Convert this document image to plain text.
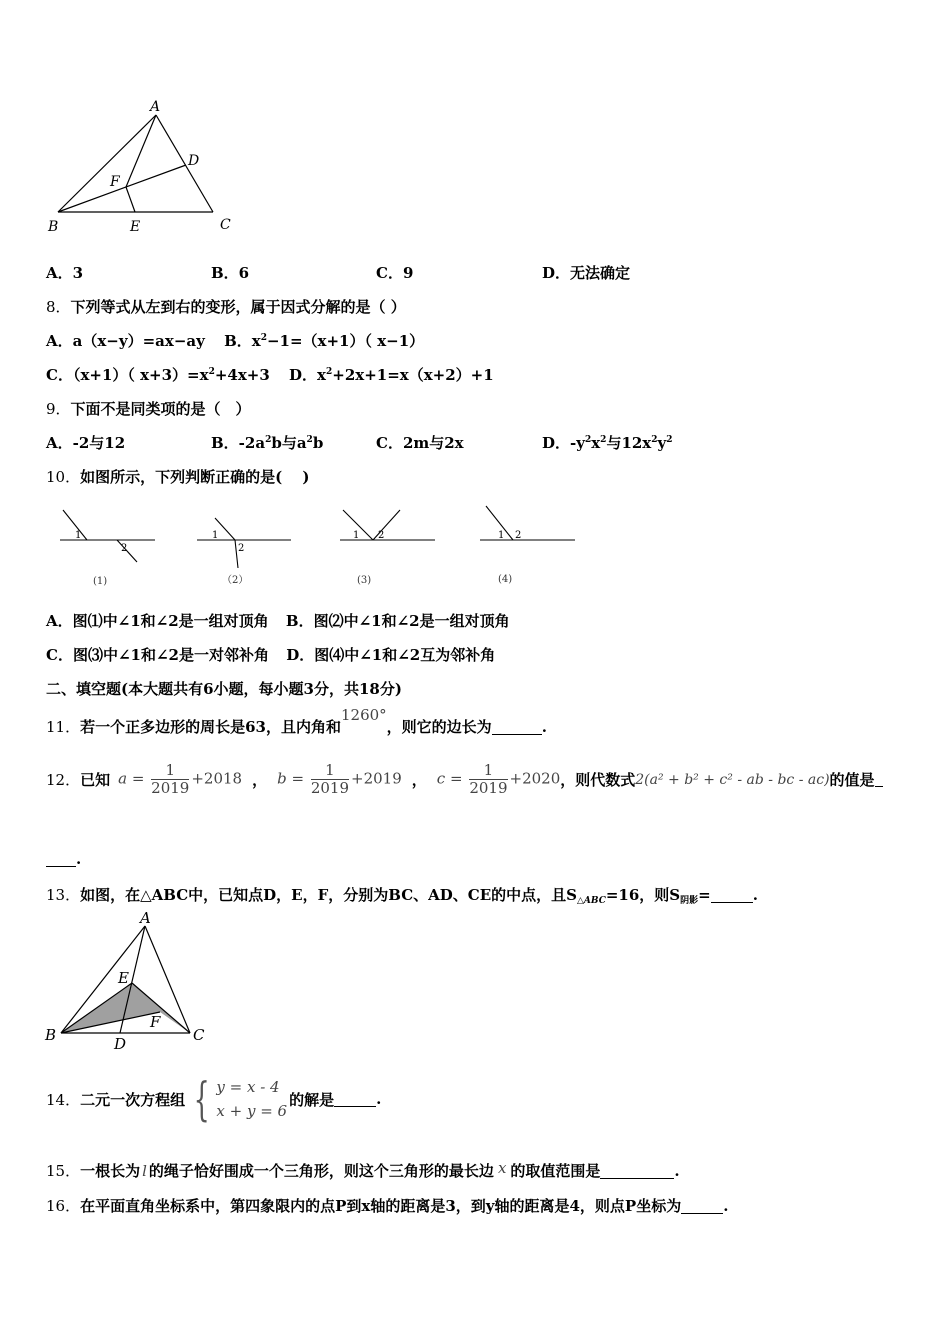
A
B	C
D
E
F
A．3	B．6	C．9	D．无法确定
8．下列等式从左到右的变形，属于因式分解的是（ ）
A．a（x−y）=ax−ay B．$x^2-1=(x+1)$（ x−1）
C．（x+1）（ $x+3)=x^2+4x+3$ D．$x^2+2x+1=x(x+2)+1$
9．下面不是同类项的是（　）
A．-2与12	B．$-2a^2b$与$a^2b$	C．2m与2x	D．$-y^2x^2$与$12x^2y^2$
10．如图所示，下列判断正确的是(　 )
1
2
1
2
1 2	1 2
(1)	（2）	(3)	(4)
A．图⑴中∠1和∠2是一组对顶角 B．图⑵中∠1和∠2是一组对顶角
C．图⑶中∠1和∠2是一对邻补角 D．图⑷中∠1和∠2互为邻补角
二、填空题(本大题共有6小题，每小题3分，共18分)
11．若一个正多边形的周长是63，且内角和1260°，则它的边长为	.
12． 已知 $a = \frac{1}{2019} +2018$ ， $b = \frac{1}{2019} +2019$ ， $c = \frac{1}{2019} +2020$ ，则代数式 2(a² + b² + c² - ab - bc - ac) 的值是
.
13．如图，在△ABC中，已知点D，E，F，分别为BC、AD、CE的中点，且$S_{\triangle ABC}=16$，则$S_{阴影}=$	.
A
B	C
D
E
F
14． 二元一次方程组 { y = x - 4
x + y = 6
的解是	.
15．一根长为 l 的绳子恰好围成一个三角形，则这个三角形的最长边 x 的取值范围是	.
16．在平面直角坐标系中，第四象限内的点P到x轴的距离是3，到y轴的距离是4，则点P坐标为	.
